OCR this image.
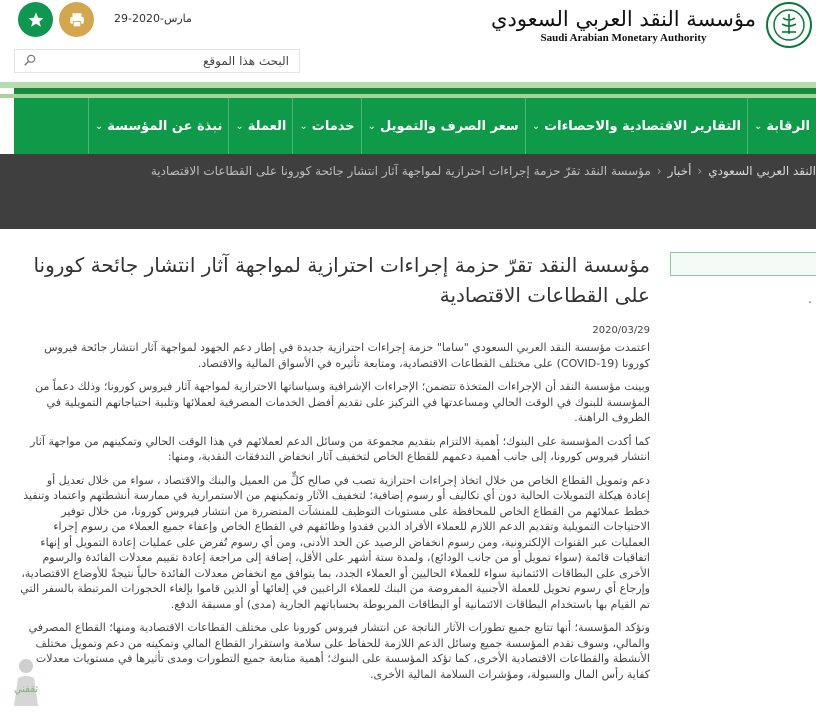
مؤسسة النقد العربي السعودي
Saudi Arabian Monetary Authority
29-مارس-2020
البحث هذا الموقع
الرقابة
⌄
التقارير الاقتصادية والاحصاءات
⌄
سعر الصرف والتمويل
⌄
خدمات
⌄
العملة
⌄
نبذة عن المؤسسة
⌄
النقد العربي السعودي
‹
أخبار
‹
مؤسسة النقد تقرّ حزمة إجراءات احترازية لمواجهة آثار انتشار جائحة كورونا على القطاعات الاقتصادية
.
مؤسسة النقد تقرّ حزمة إجراءات احترازية لمواجهة آثار انتشار جائحة كورونا على القطاعات الاقتصادية
2020/03/29

اعتمدت مؤسسة النقد العربي السعودي "ساما" حزمة إجراءات احترازية جديدة في إطار دعم الجهود لمواجهة آثار انتشار جائحة فيروس كورونا (COVID-19) على مختلف القطاعات الاقتصادية، ومتابعة تأثيره في الأسواق المالية والاقتصاد.

وبينت مؤسسة النقد أن الإجراءات المتخذة تتضمن؛ الإجراءات الإشرافية وسياساتها الاحترازية لمواجهة آثار فيروس كورونا؛ وذلك دعماً من المؤسسة للبنوك في الوقت الحالي ومساعدتها في التركيز على تقديم أفضل الخدمات المصرفية لعملائها وتلبية احتياجاتهم التمويلية في الظروف الراهنة.

كما أكدت المؤسسة على البنوك؛ أهمية الالتزام بتقديم مجموعة من وسائل الدعم لعملائهم في هذا الوقت الحالي وتمكينهم من مواجهة آثار انتشار فيروس كورونا، إلى جانب أهمية دعمهم للقطاع الخاص لتخفيف آثار انخفاض التدفقات النقدية، ومنها:

دعم وتمويل القطاع الخاص من خلال اتخاذ إجراءات احترازية تصب في صالح كلٍّ من العميل والبنك والاقتصاد ، سواء من خلال تعديل أو إعادة هيكلة التمويلات الحالية دون أي تكاليف أو رسوم إضافية؛ لتخفيف الآثار وتمكينهم من الاستمرارية في ممارسة أنشطتهم واعتماد وتنفيذ خطط عملائهم من القطاع الخاص للمحافظة على مستويات التوظيف للمنشآت المتضررة من انتشار فيروس كورونا، من خلال توفير الاحتياجات التمويلية وتقديم الدعم اللازم للعملاء الأفراد الذين فقدوا وظائفهم في القطاع الخاص وإعفاء جميع العملاء من رسوم إجراء العمليات عبر القنوات الإلكترونية، ومن رسوم انخفاض الرصيد عن الحد الأدنى، ومن أي رسوم تُفرض على عمليات إعادة التمويل أو إنهاء اتفاقيات قائمة (سواء تمويل أو من جانب الودائع)، ولمدة ستة أشهر على الأقل، إضافة إلى مراجعة إعادة تقييم معدلات الفائدة والرسوم الأخرى على البطاقات الائتمانية سواء للعملاء الحاليين أو العملاء الجدد، بما يتوافق مع انخفاض معدلات الفائدة حالياً نتيجةً للأوضاع الاقتصادية، وإرجاع أي رسوم تحويل للعملة الأجنبية المفروضة من البنك للعملاء الراغبين في إلغائها أو الذين قاموا بإلغاء الحجوزات المرتبطة بالسفر التي تم القيام بها باستخدام البطاقات الائتمانية أو البطاقات المربوطة بحساباتهم الجارية (مدى) أو مسبقة الدفع.

وتؤكد المؤسسة؛ أنها تتابع جميع تطورات الآثار الناتجة عن انتشار فيروس كورونا على مختلف القطاعات الاقتصادية ومنها؛ القطاع المصرفي والمالي، وسوف تقدم المؤسسة جميع وسائل الدعم اللازمة للحفاظ على سلامة واستقرار القطاع المالي وتمكينه من دعم وتمويل مختلف الأنشطة والقطاعات الاقتصادية الأخرى، كما تؤكد المؤسسة على البنوك؛ أهمية متابعة جميع التطورات ومدى تأثيرها في مستويات معدلات كفاية رأس المال والسيولة، ومؤشرات السلامة المالية الأخرى.

ثقفني
